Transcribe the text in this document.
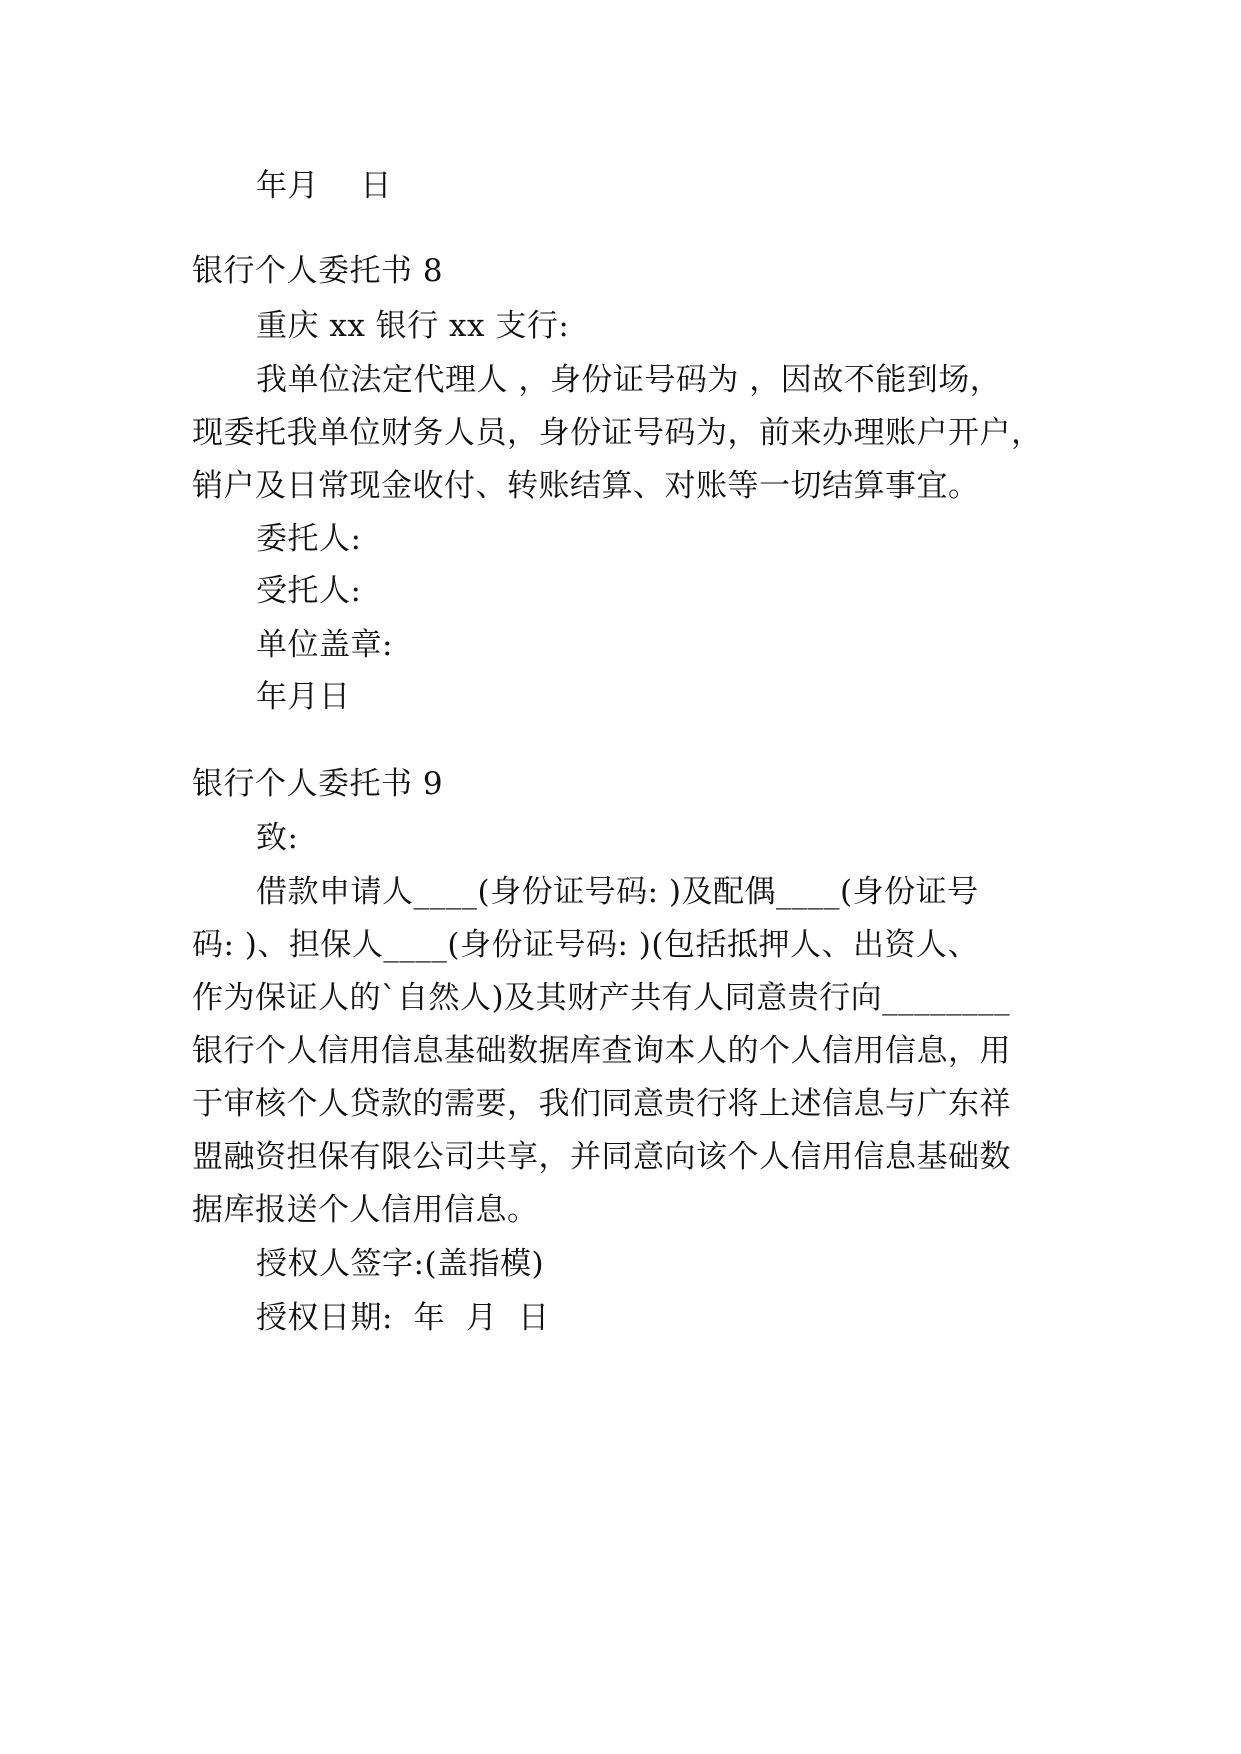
年月    日
银行个人委托书 8
重庆 xx 银行 xx 支行:
我单位法定代理人 ，身份证号码为 ，因故不能到场，
现委托我单位财务人员，身份证号码为，前来办理账户开户，
销户及日常现金收付、转账结算、对账等一切结算事宜。
委托人:
受托人:
单位盖章:
年月日
银行个人委托书 9
致:
借款申请人____(身份证号码: )及配偶____(身份证号
码: )、担保人____(身份证号码: )(包括抵押人、出资人、
作为保证人的`自然人)及其财产共有人同意贵行向________
银行个人信用信息基础数据库查询本人的个人信用信息，用
于审核个人贷款的需要，我们同意贵行将上述信息与广东祥
盟融资担保有限公司共享，并同意向该个人信用信息基础数
据库报送个人信用信息。
授权人签字:(盖指模)
授权日期:  年  月  日
